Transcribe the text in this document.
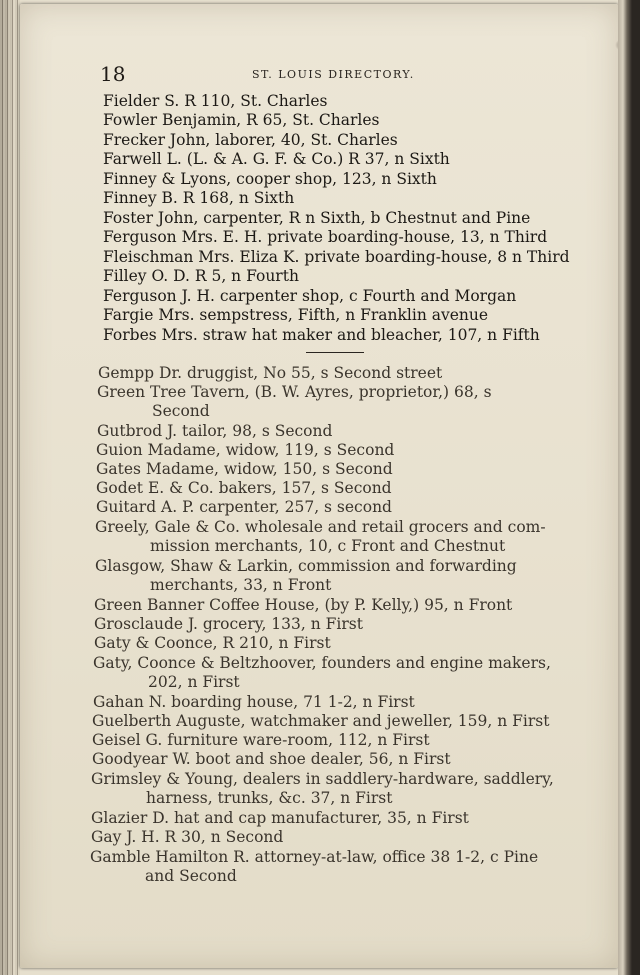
18	ST. LOUIS DIRECTORY.
Fielder S. R 110, St. Charles
Fowler Benjamin, R 65, St. Charles
Frecker John, laborer, 40, St. Charles
Farwell L. (L. & A. G. F. & Co.) R 37, n Sixth
Finney & Lyons, cooper shop, 123, n Sixth
Finney B. R 168, n Sixth
Foster John, carpenter, R n Sixth, b Chestnut and Pine
Ferguson Mrs. E. H. private boarding-house, 13, n Third
Fleischman Mrs. Eliza K. private boarding-house, 8 n Third
Filley O. D. R 5, n Fourth
Ferguson J. H. carpenter shop, c Fourth and Morgan
Fargie Mrs. sempstress, Fifth, n Franklin avenue
Forbes Mrs. straw hat maker and bleacher, 107, n Fifth
Gempp Dr. druggist, No 55, s Second street
Green Tree Tavern, (B. W. Ayres, proprietor,) 68, s
Second
Gutbrod J. tailor, 98, s Second
Guion Madame, widow, 119, s Second
Gates Madame, widow, 150, s Second
Godet E. & Co. bakers, 157, s Second
Guitard A. P. carpenter, 257, s second
Greely, Gale & Co. wholesale and retail grocers and com-
mission merchants, 10, c Front and Chestnut
Glasgow, Shaw & Larkin, commission and forwarding
merchants, 33, n Front
Green Banner Coffee House, (by P. Kelly,) 95, n Front
Grosclaude J. grocery, 133, n First
Gaty & Coonce, R 210, n First
Gaty, Coonce & Beltzhoover, founders and engine makers,
202, n First
Gahan N. boarding house, 71 1-2, n First
Guelberth Auguste, watchmaker and jeweller, 159, n First
Geisel G. furniture ware-room, 112, n First
Goodyear W. boot and shoe dealer, 56, n First
Grimsley & Young, dealers in saddlery-hardware, saddlery,
harness, trunks, &c. 37, n First
Glazier D. hat and cap manufacturer, 35, n First
Gay J. H. R 30, n Second
Gamble Hamilton R. attorney-at-law, office 38 1-2, c Pine
and Second
